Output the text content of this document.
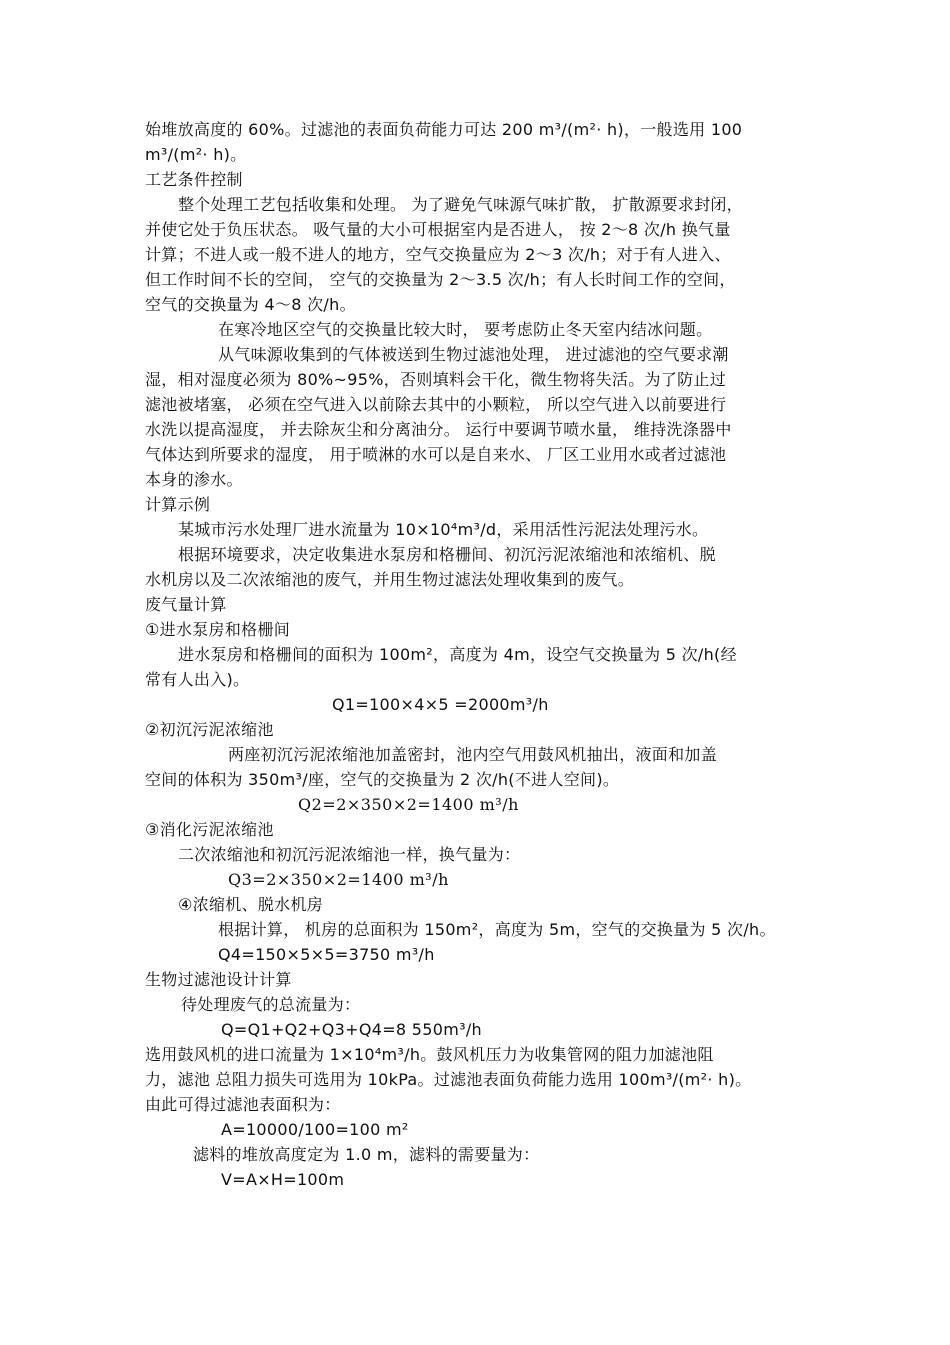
始堆放高度的 60%。过滤池的表面负荷能力可达 200 m³/(m²· h)，一般选用 100
m³/(m²· h)。
工艺条件控制
整个处理工艺包括收集和处理。 为了避免气味源气味扩散， 扩散源要求封闭，
并使它处于负压状态。 吸气量的大小可根据室内是否进人， 按 2～8 次/h 换气量
计算；不进人或一般不进人的地方，空气交换量应为 2～3 次/h；对于有人进入、
但工作时间不长的空间， 空气的交换量为 2～3.5 次/h；有人长时间工作的空间，
空气的交换量为 4～8 次/h。
在寒冷地区空气的交换量比较大时， 要考虑防止冬天室内结冰问题。
从气味源收集到的气体被送到生物过滤池处理， 进过滤池的空气要求潮
湿，相对湿度必须为 80%~95%，否则填料会干化，微生物将失活。为了防止过
滤池被堵塞， 必须在空气进入以前除去其中的小颗粒， 所以空气进入以前要进行
水洗以提高湿度， 并去除灰尘和分离油分。 运行中要调节喷水量， 维持洗涤器中
气体达到所要求的湿度， 用于喷淋的水可以是自来水、 厂区工业用水或者过滤池
本身的渗水。
计算示例
某城市污水处理厂进水流量为 10×10⁴m³/d，采用活性污泥法处理污水。
根据环境要求，决定收集进水泵房和格栅间、初沉污泥浓缩池和浓缩机、脱
水机房以及二次浓缩池的废气，并用生物过滤法处理收集到的废气。
废气量计算
①进水泵房和格栅间
进水泵房和格栅间的面积为 100m²，高度为 4m，设空气交换量为 5 次/h(经
常有人出入)。
Q1=100×4×5 =2000m³/h
②初沉污泥浓缩池
两座初沉污泥浓缩池加盖密封，池内空气用鼓风机抽出，液面和加盖
空间的体积为 350m³/座，空气的交换量为 2 次/h(不进人空间)。
Q2=2×350×2=1400 m³/h
③消化污泥浓缩池
二次浓缩池和初沉污泥浓缩池一样，换气量为：
Q3=2×350×2=1400 m³/h
④浓缩机、脱水机房
根据计算， 机房的总面积为 150m²，高度为 5m，空气的交换量为 5 次/h。
Q4=150×5×5=3750 m³/h
生物过滤池设计计算
待处理废气的总流量为：
Q=Q1+Q2+Q3+Q4=8 550m³/h
选用鼓风机的进口流量为 1×10⁴m³/h。鼓风机压力为收集管网的阻力加滤池阻
力，滤池 总阻力损失可选用为 10kPa。过滤池表面负荷能力选用 100m³/(m²· h)。
由此可得过滤池表面积为：
A=10000/100=100 m²
滤料的堆放高度定为 1.0 m，滤料的需要量为：
V=A×H=100m
